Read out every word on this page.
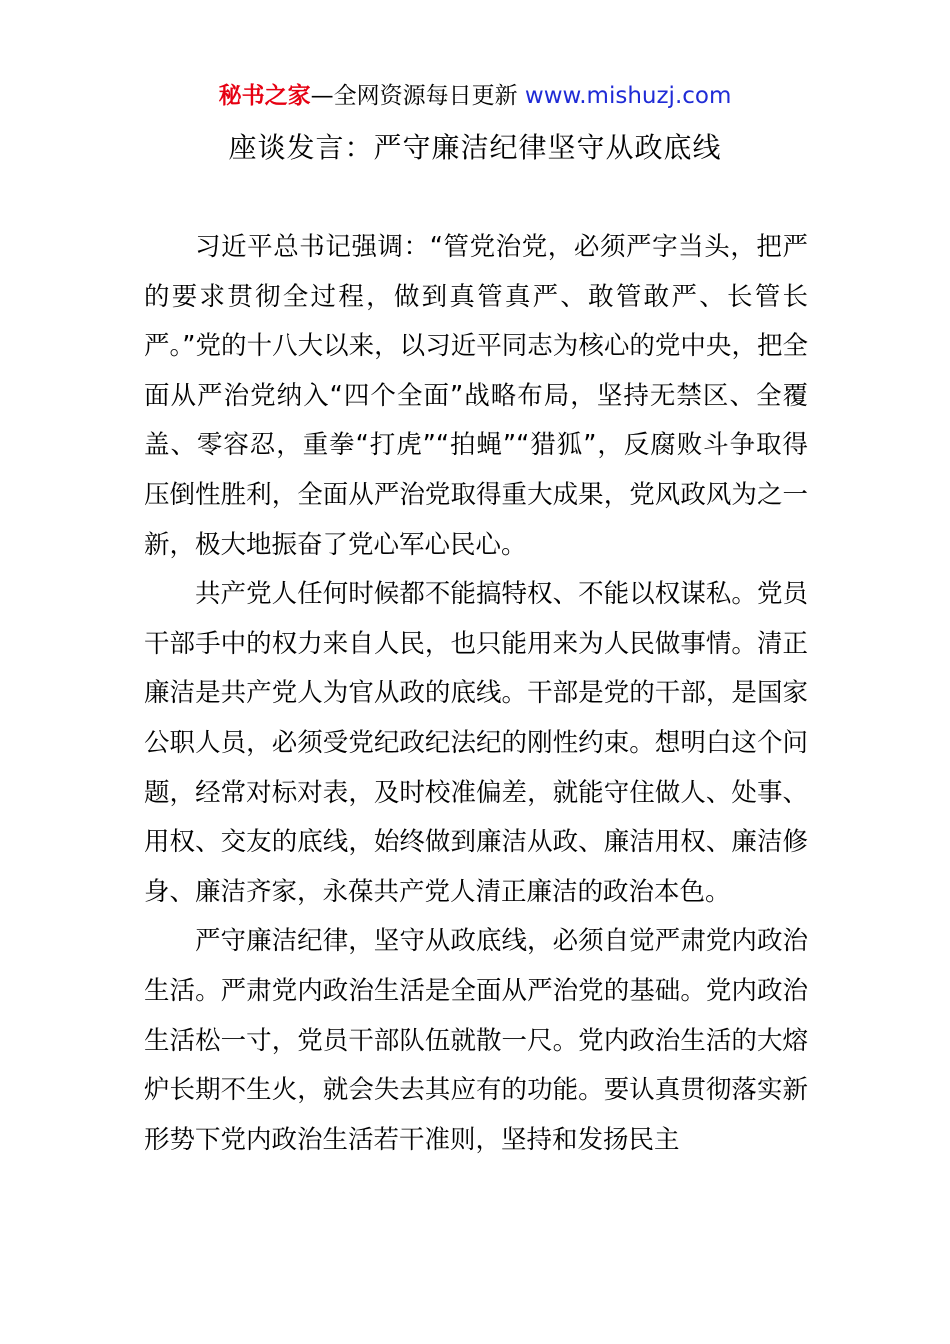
秘书之家—全网资源每日更新 www.mishuzj.com
座谈发言：严守廉洁纪律坚守从政底线

习近平总书记强调：“管党治党，必须严字当头，把严的要求贯彻全过程，做到真管真严、敢管敢严、长管长严。”党的十八大以来，以习近平同志为核心的党中央，把全面从严治党纳入“四个全面”战略布局，坚持无禁区、全覆盖、零容忍，重拳“打虎”“拍蝇”“猎狐”，反腐败斗争取得压倒性胜利，全面从严治党取得重大成果，党风政风为之一新，极大地振奋了党心军心民心。

共产党人任何时候都不能搞特权、不能以权谋私。党员干部手中的权力来自人民，也只能用来为人民做事情。清正廉洁是共产党人为官从政的底线。干部是党的干部，是国家公职人员，必须受党纪政纪法纪的刚性约束。想明白这个问题，经常对标对表，及时校准偏差，就能守住做人、处事、用权、交友的底线，始终做到廉洁从政、廉洁用权、廉洁修身、廉洁齐家，永葆共产党人清正廉洁的政治本色。

严守廉洁纪律，坚守从政底线，必须自觉严肃党内政治生活。严肃党内政治生活是全面从严治党的基础。党内政治生活松一寸，党员干部队伍就散一尺。党内政治生活的大熔炉长期不生火，就会失去其应有的功能。要认真贯彻落实新形势下党内政治生活若干准则，坚持和发扬民主
